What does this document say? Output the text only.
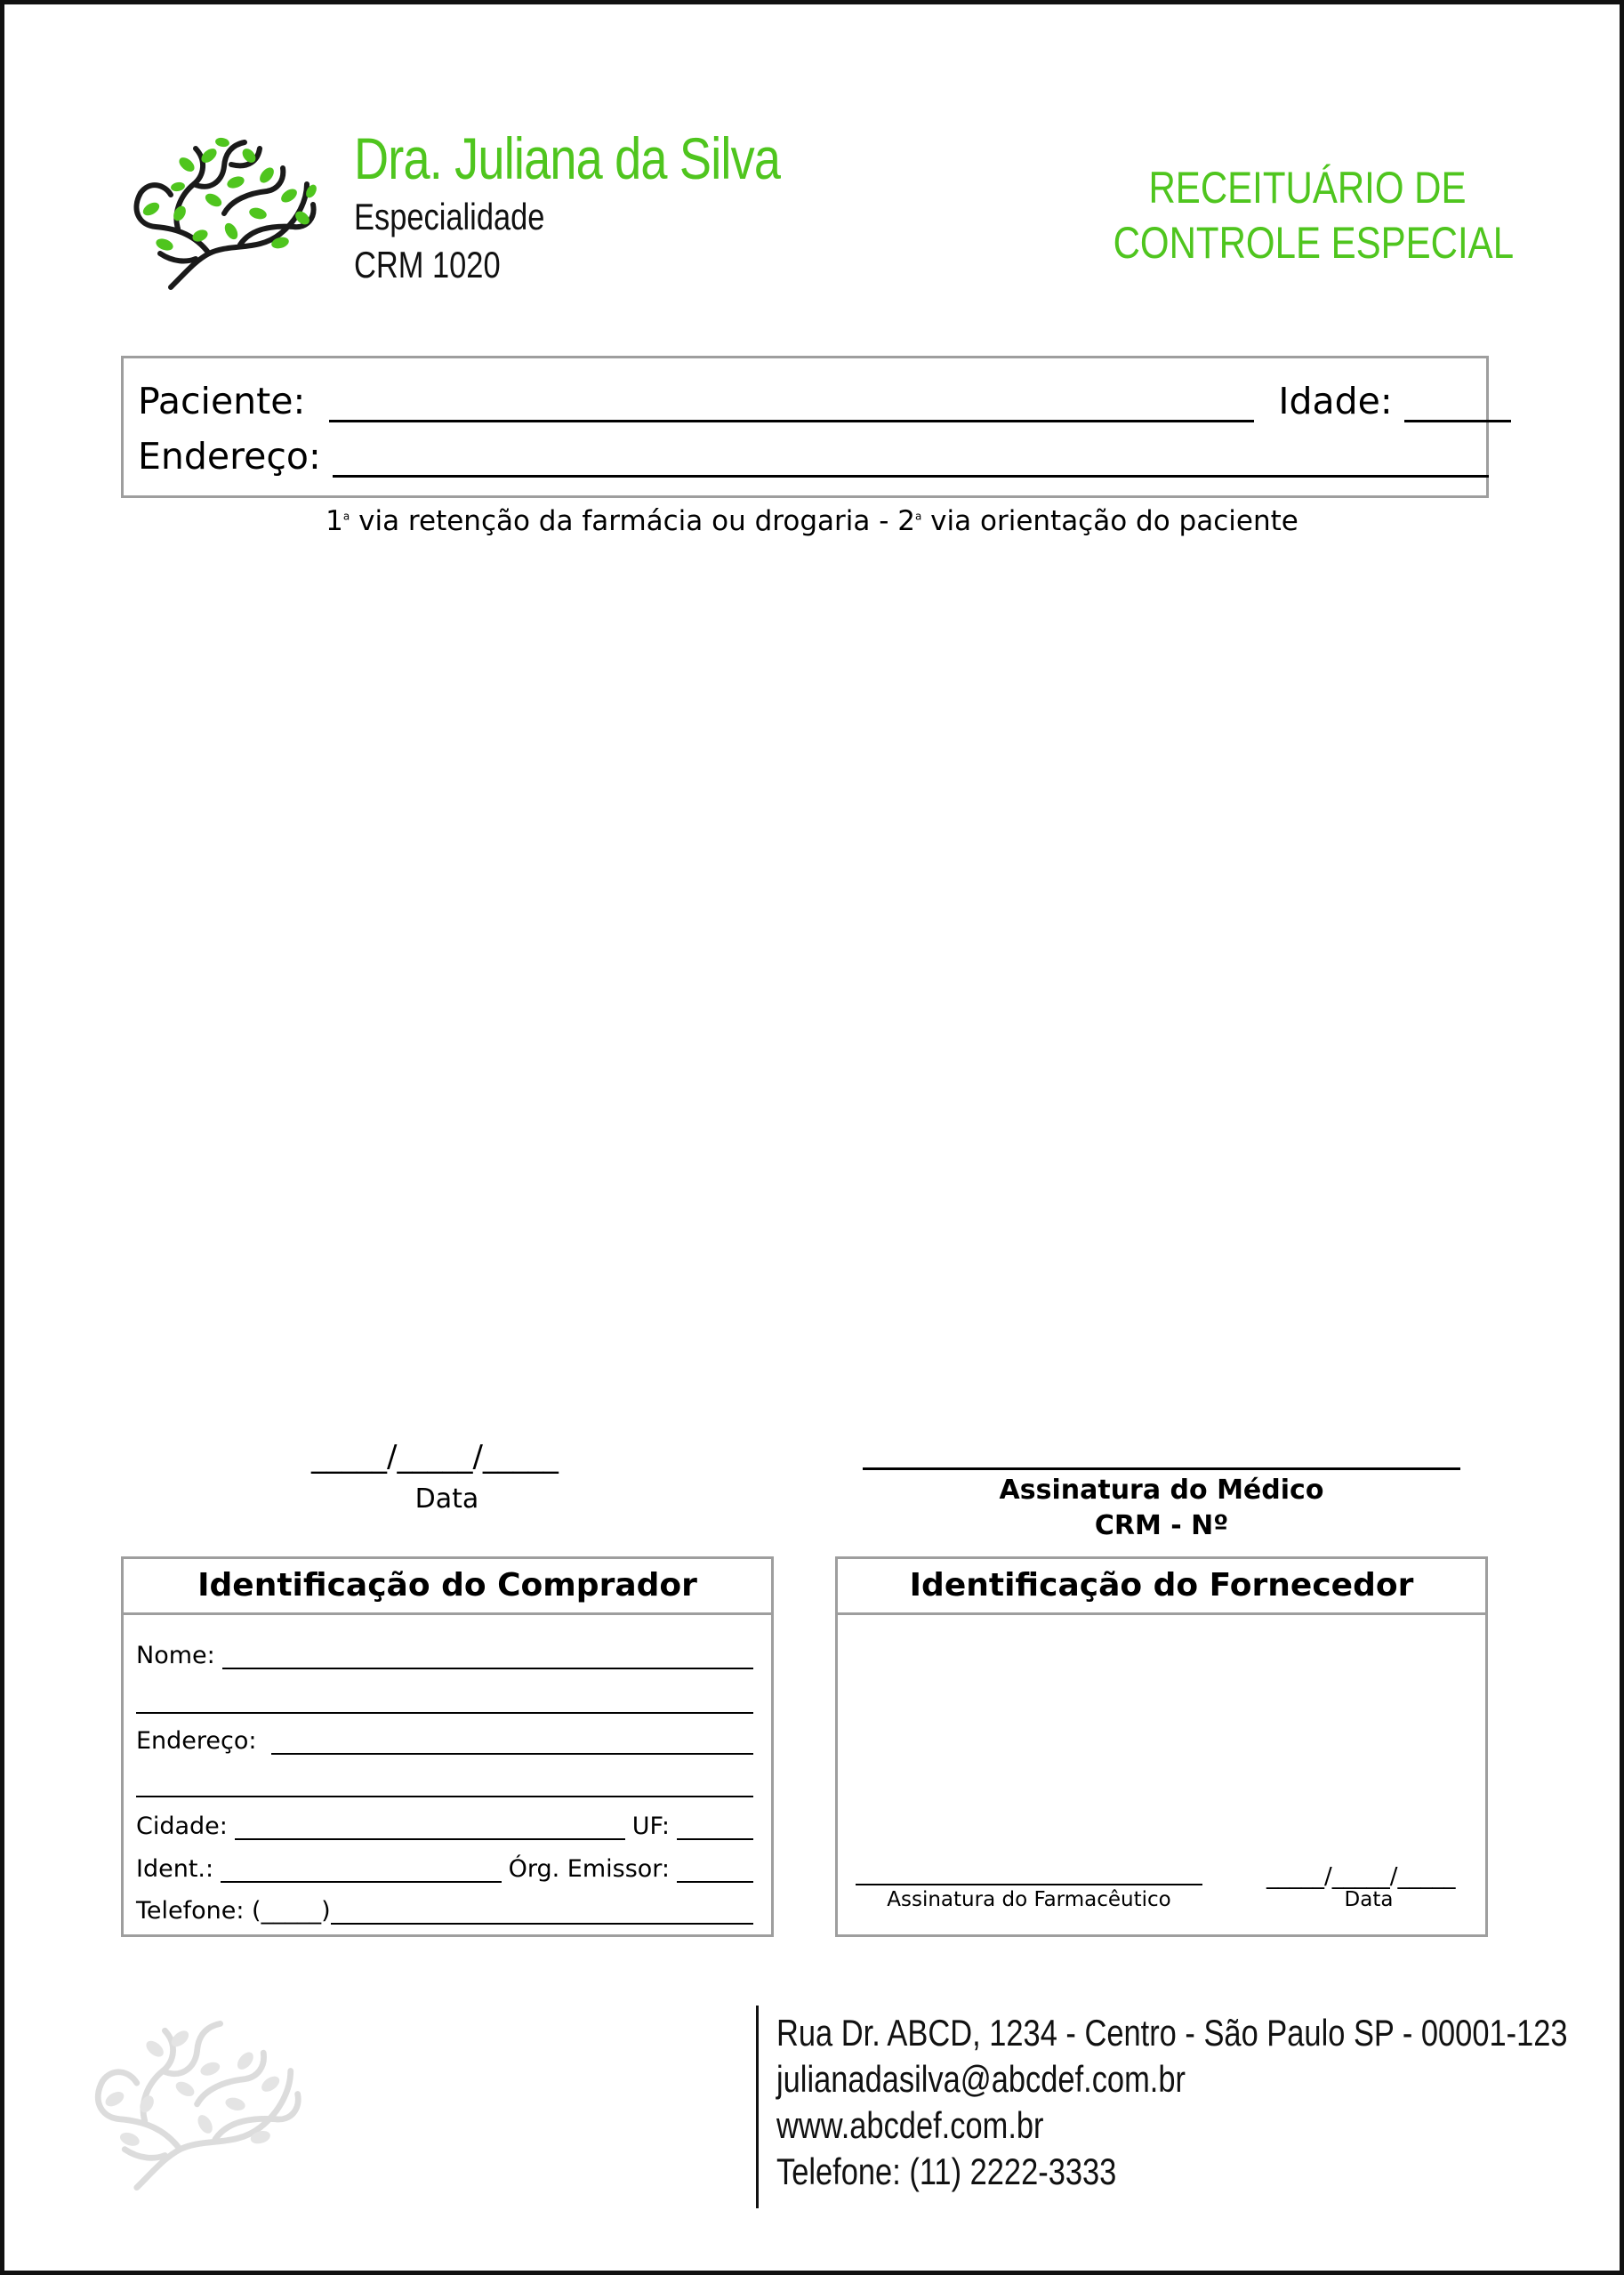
Dra. Juliana da Silva
Especialidade
CRM 1020
RECEITUÁRIO DE
CONTROLE ESPECIAL
Paciente:	Idade:
Endereço:
1$^a$ via retenção da farmácia ou drogaria - 2$^a$ via orientação do paciente
_____/_____/_____
Data	Assinatura do Médico
CRM - Nº
Identificação do Comprador
Nome:
Endereço:
Cidade:	UF:
Ident.:	Órg. Emissor:
Telefone: (_____)
Identificação do Fornecedor
Assinatura do Farmacêutico
_____/_____/_____
Data
Rua Dr. ABCD, 1234 - Centro - São Paulo SP - 00001-123
julianadasilva@abcdef.com.br
www.abcdef.com.br
Telefone: (11) 2222-3333
